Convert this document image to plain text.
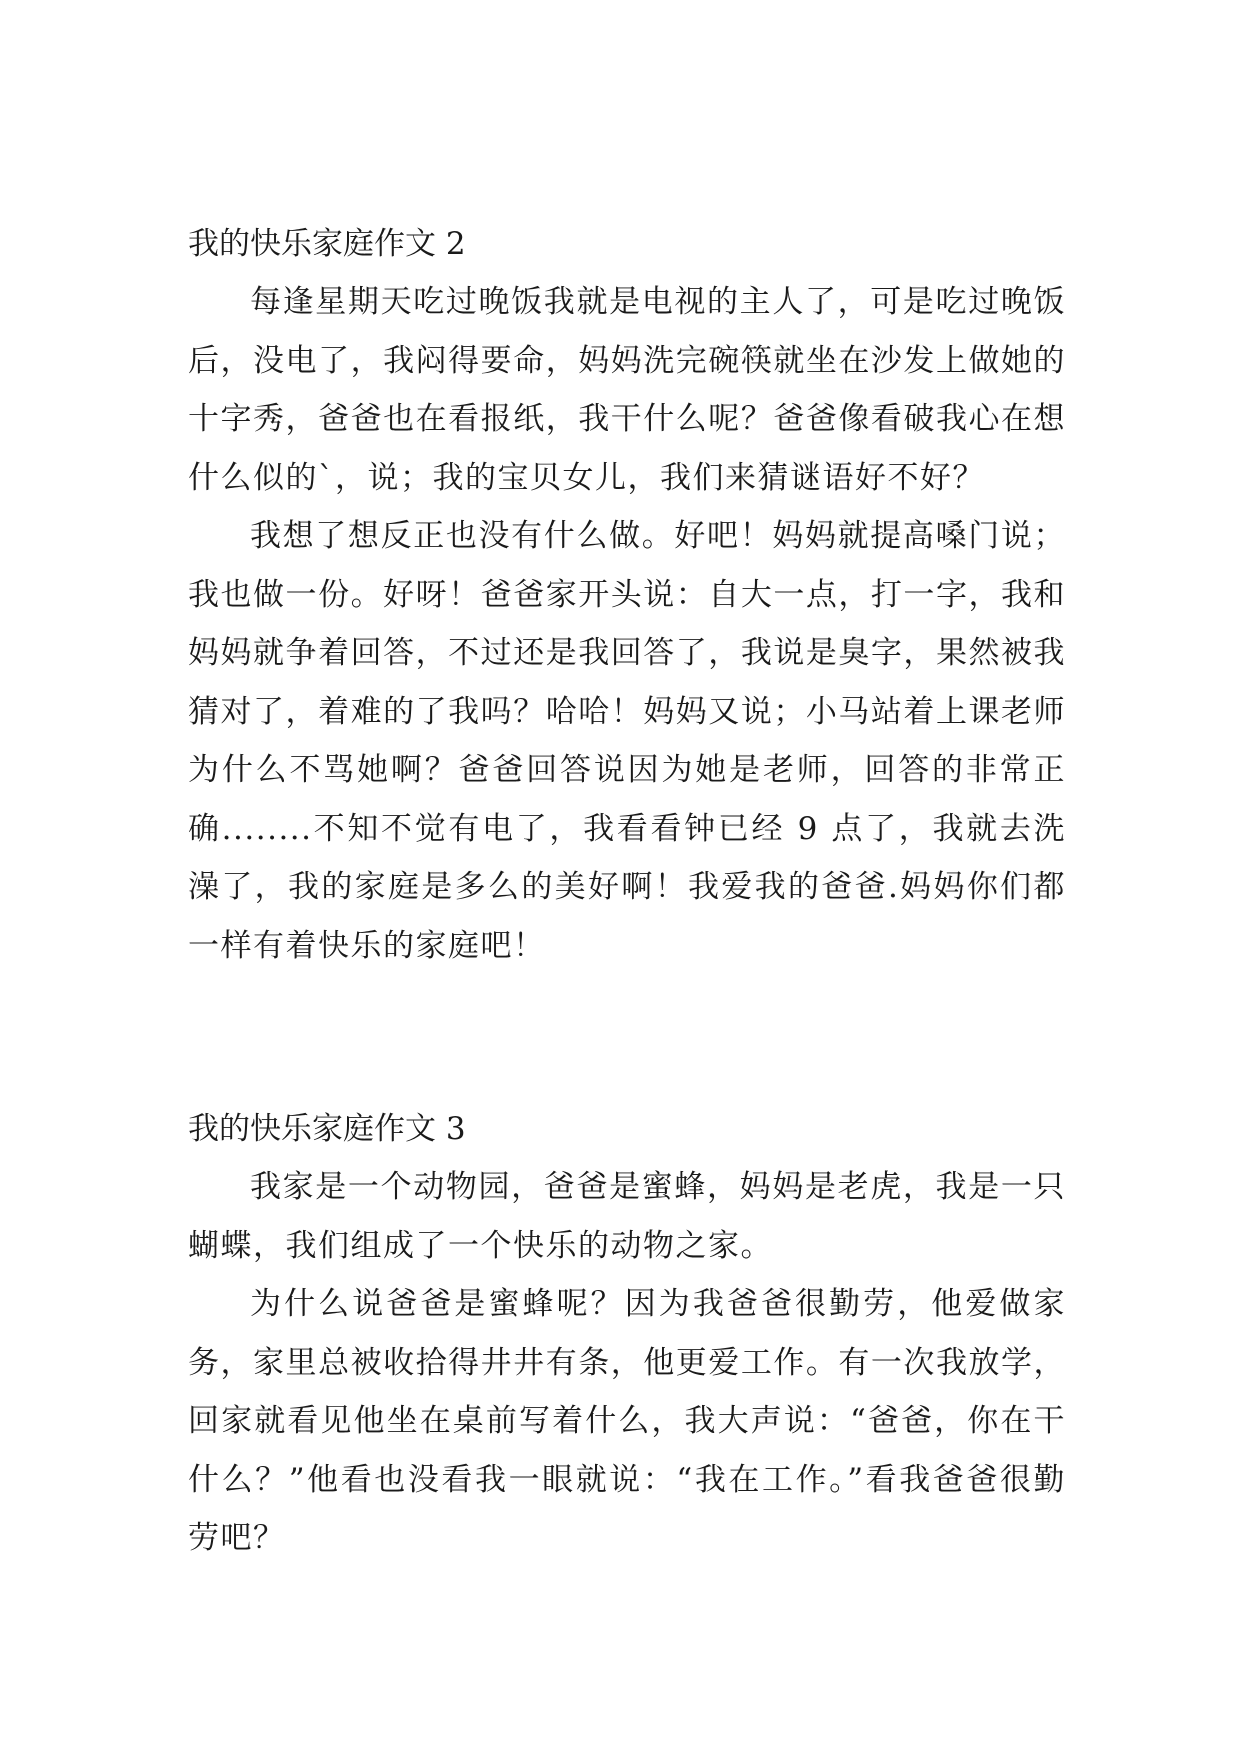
我的快乐家庭作文 2

每逢星期天吃过晚饭我就是电视的主人了，可是吃过晚饭后，没电了，我闷得要命，妈妈洗完碗筷就坐在沙发上做她的十字秀，爸爸也在看报纸，我干什么呢？爸爸像看破我心在想什么似的`，说；我的宝贝女儿，我们来猜谜语好不好？

我想了想反正也没有什么做。好吧！妈妈就提高嗓门说；我也做一份。好呀！爸爸家开头说：自大一点，打一字，我和妈妈就争着回答，不过还是我回答了，我说是臭字，果然被我猜对了，着难的了我吗？哈哈！妈妈又说；小马站着上课老师为什么不骂她啊？爸爸回答说因为她是老师，回答的非常正确........不知不觉有电了，我看看钟已经 9 点了，我就去洗澡了，我的家庭是多么的美好啊！我爱我的爸爸.妈妈你们都一样有着快乐的家庭吧！

我的快乐家庭作文 3

我家是一个动物园，爸爸是蜜蜂，妈妈是老虎，我是一只蝴蝶，我们组成了一个快乐的动物之家。

为什么说爸爸是蜜蜂呢？因为我爸爸很勤劳，他爱做家务，家里总被收拾得井井有条，他更爱工作。有一次我放学，回家就看见他坐在桌前写着什么，我大声说：“爸爸，你在干什么？”他看也没看我一眼就说：“我在工作。”看我爸爸很勤劳吧？
